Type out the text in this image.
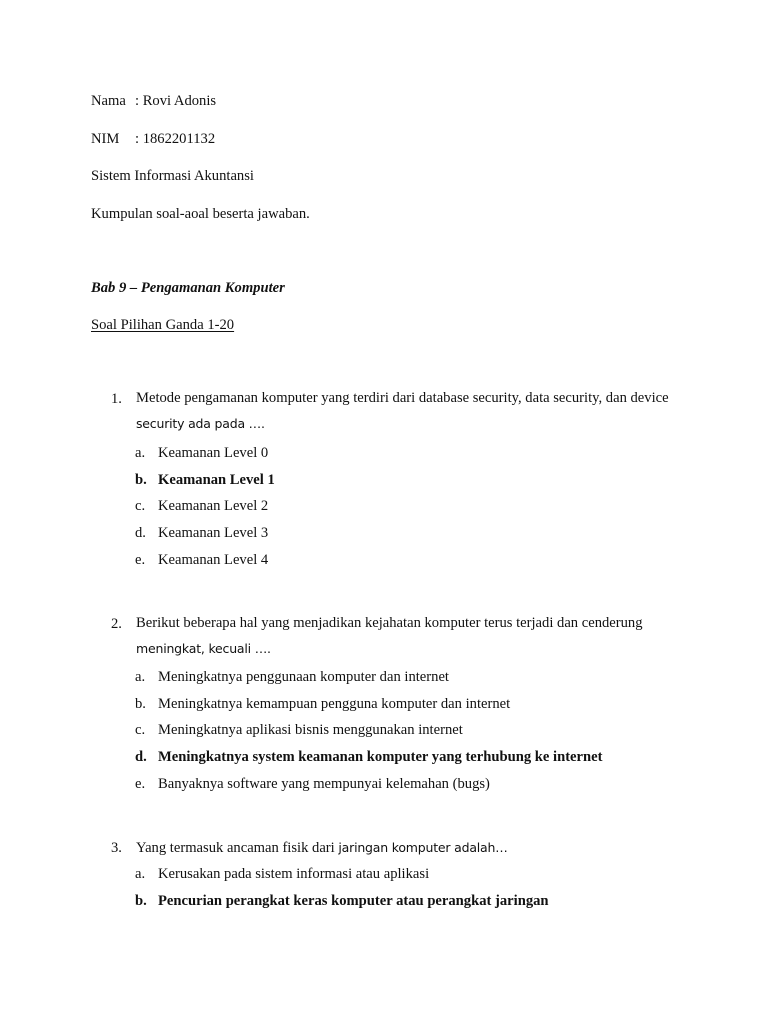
Nama : Rovi Adonis
NIM : 1862201132
Sistem Informasi Akuntansi
Kumpulan soal-aoal beserta jawaban.
Bab 9 – Pengamanan Komputer
Soal Pilihan Ganda 1-20
1. Metode pengamanan komputer yang terdiri dari database security, data security, dan device
security ada pada ….
a. Keamanan Level 0
b. Keamanan Level 1
c. Keamanan Level 2
d. Keamanan Level 3
e. Keamanan Level 4
2. Berikut beberapa hal yang menjadikan kejahatan komputer terus terjadi dan cenderung
meningkat, kecuali ….
a. Meningkatnya penggunaan komputer dan internet
b. Meningkatnya kemampuan pengguna komputer dan internet
c. Meningkatnya aplikasi bisnis menggunakan internet
d. Meningkatnya system keamanan komputer yang terhubung ke internet
e. Banyaknya software yang mempunyai kelemahan (bugs)
3. Yang termasuk ancaman fisik dari jaringan komputer adalah…
a. Kerusakan pada sistem informasi atau aplikasi
b. Pencurian perangkat keras komputer atau perangkat jaringan
